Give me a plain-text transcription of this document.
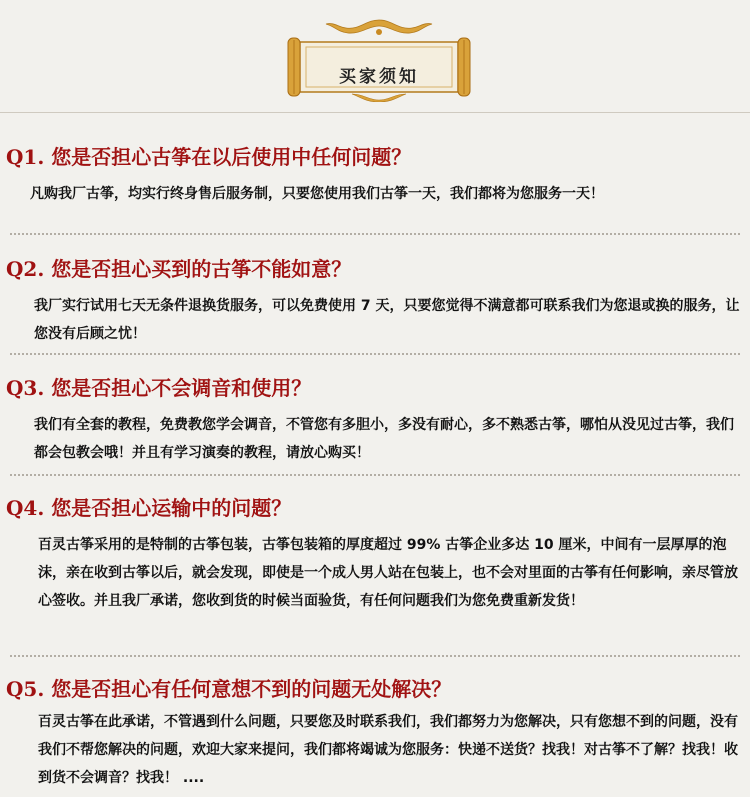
买家须知
Q1. 您是否担心古筝在以后使用中任何问题？

凡购我厂古筝，均实行终身售后服务制，只要您使用我们古筝一天，我们都将为您服务一天！

Q2. 您是否担心买到的古筝不能如意？

我厂实行试用七天无条件退换货服务，可以免费使用 7 天，只要您觉得不满意都可联系我们为您退或换的服务，让您没有后顾之忧！

Q3. 您是否担心不会调音和使用？

我们有全套的教程，免费教您学会调音，不管您有多胆小，多没有耐心，多不熟悉古筝，哪怕从没见过古筝，我们都会包教会哦！并且有学习演奏的教程，请放心购买！

Q4. 您是否担心运输中的问题？

百灵古筝采用的是特制的古筝包装，古筝包装箱的厚度超过 99% 古筝企业多达 10 厘米，中间有一层厚厚的泡沫，亲在收到古筝以后，就会发现，即使是一个成人男人站在包装上，也不会对里面的古筝有任何影响，亲尽管放心签收。并且我厂承诺，您收到货的时候当面验货，有任何问题我们为您免费重新发货！

Q5. 您是否担心有任何意想不到的问题无处解决？

百灵古筝在此承诺，不管遇到什么问题，只要您及时联系我们，我们都努力为您解决，只有您想不到的问题，没有我们不帮您解决的问题，欢迎大家来提问，我们都将竭诚为您服务：快递不送货？找我！对古筝不了解？找我！收到货不会调音？找我！ ....
